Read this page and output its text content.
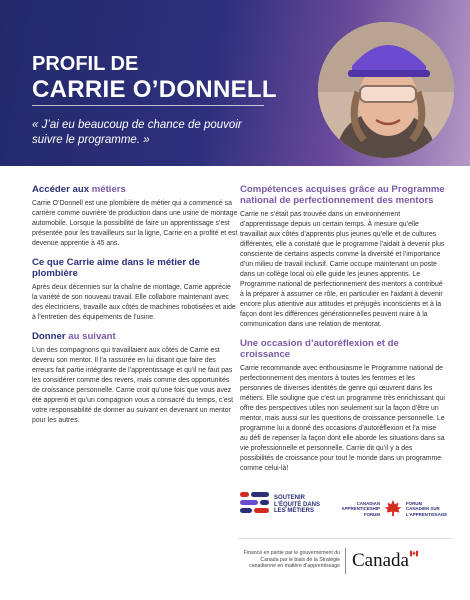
PROFIL DE
CARRIE O’DONNELL
« J’ai eu beaucoup de chance de pouvoir suivre le programme. »
Accéder aux métiers

Carrie O’Donnell est une plombière de métier qui a commencé sa carrière comme ouvrière de production dans une usine de montage automobile. Lorsque la possibilité de faire un apprentissage s’est présentée pour les travailleurs sur la ligne, Carrie en a profité et est devenue apprentie à 45 ans.

Ce que Carrie aime dans le métier de plombière

Après deux décennies sur la chaîne de montage, Carrie apprécie la variété de son nouveau travail. Elle collabore maintenant avec des électriciens, travaille aux côtés de machines robotisées et aide à l’entretien des équipements de l’usine.

Donner au suivant

L’un des compagnons qui travaillaient aux côtés de Carrie est devenu son mentor. Il l’a rassurée en lui disant que faire des erreurs fait partie intégrante de l’apprentissage et qu’il ne faut pas les considérer comme des revers, mais comme des opportunités de croissance personnelle. Carrie croit qu’une fois que vous avez été apprenti et qu’un compagnon vous a consacré du temps, c’est votre responsabilité de donner au suivant en devenant un mentor pour les autres.

Compétences acquises grâce au Programme national de perfectionnement des mentors

Carrie ne s’était pas trouvée dans un environnement d’apprentissage depuis un certain temps. À mesure qu’elle travaillait aux côtés d’apprentis plus jeunes qu’elle et de cultures différentes, elle a constaté que le programme l’aidait à devenir plus consciente de certains aspects comme la diversité et l’importance d’un milieu de travail inclusif. Carrie occupe maintenant un poste dans un collège local où elle guide les jeunes apprentis. Le Programme national de perfectionnement des mentors a contribué à la préparer à assumer ce rôle, en particulier en l’aidant à devenir encore plus attentive aux attitudes et préjugés inconscients et à la façon dont les différences générationnelles peuvent nuire à la communication dans une relation de mentorat.

Une occasion d’autoréflexion et de croissance

Carrie recommande avec enthousiasme le Programme national de perfectionnement des mentors à toutes les femmes et les personnes de diverses identités de genre qui œuvrent dans les métiers. Elle souligne que c’est un programme très enrichissant qui offre des perspectives utiles non seulement sur la façon d’être un mentor, mais aussi sur les questions de croissance personnelle. Le programme lui a donné des occasions d’autoréflexion et l’a mise au défi de repenser la façon dont elle aborde les situations dans sa vie professionnelle et personnelle. Carrie dit qu’il y a des possibilités de croissance pour tout le monde dans un programme comme celui-là!

SOUTENIR
L’ÉQUITÉ DANS
LES MÉTIERS
CANADIAN
APPRENTICESHIP
FORUM
FORUM
CANADIEN SUR
L’APPRENTISSAGE
Financé en partie par le gouvernement du Canada par le biais de la Stratégie canadienne en matière d’apprentissage Canada
